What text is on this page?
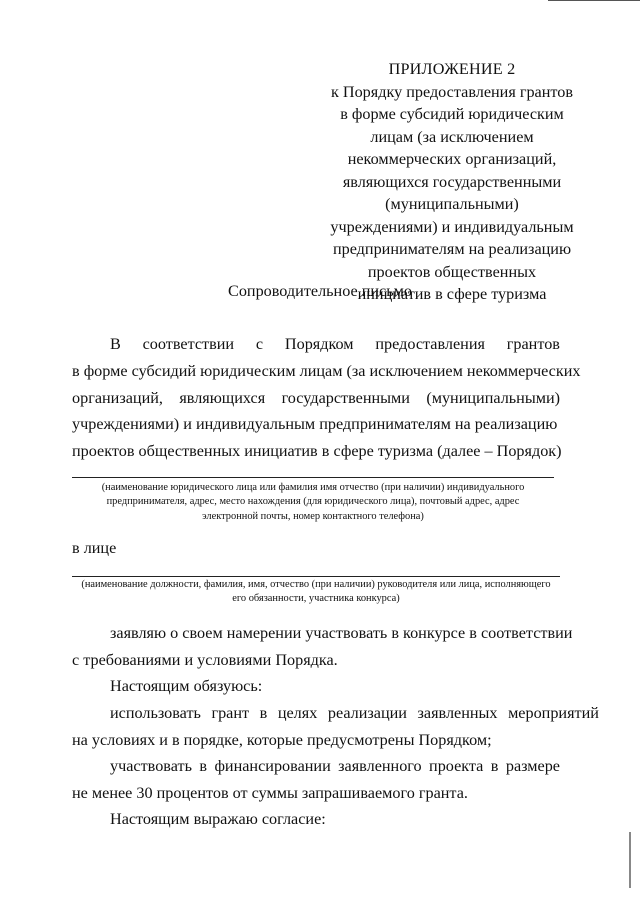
ПРИЛОЖЕНИЕ 2
к Порядку предоставления грантов
в форме субсидий юридическим
лицам (за исключением
некоммерческих организаций,
являющихся государственными
(муниципальными)
учреждениями) и индивидуальным
предпринимателям на реализацию
проектов общественных
инициатив в сфере туризма
Сопроводительное письмо
В соответствии с Порядком предоставления грантов
в форме субсидий юридическим лицам (за исключением некоммерческих
организаций, являющихся государственными (муниципальными)
учреждениями) и индивидуальным предпринимателям на реализацию
проектов общественных инициатив в сфере туризма (далее – Порядок)
(наименование юридического лица или фамилия имя отчество (при наличии) индивидуального
предпринимателя, адрес, место нахождения (для юридического лица), почтовый адрес, адрес
электронной почты, номер контактного телефона)
в лице
(наименование должности, фамилия, имя, отчество (при наличии) руководителя или лица, исполняющего
его обязанности, участника конкурса)
заявляю о своем намерении участвовать в конкурсе в соответствии
с требованиями и условиями Порядка.
Настоящим обязуюсь:
использовать грант в целях реализации заявленных мероприятий
на условиях и в порядке, которые предусмотрены Порядком;
участвовать в финансировании заявленного проекта в размере
не менее 30 процентов от суммы запрашиваемого гранта.
Настоящим выражаю согласие:
